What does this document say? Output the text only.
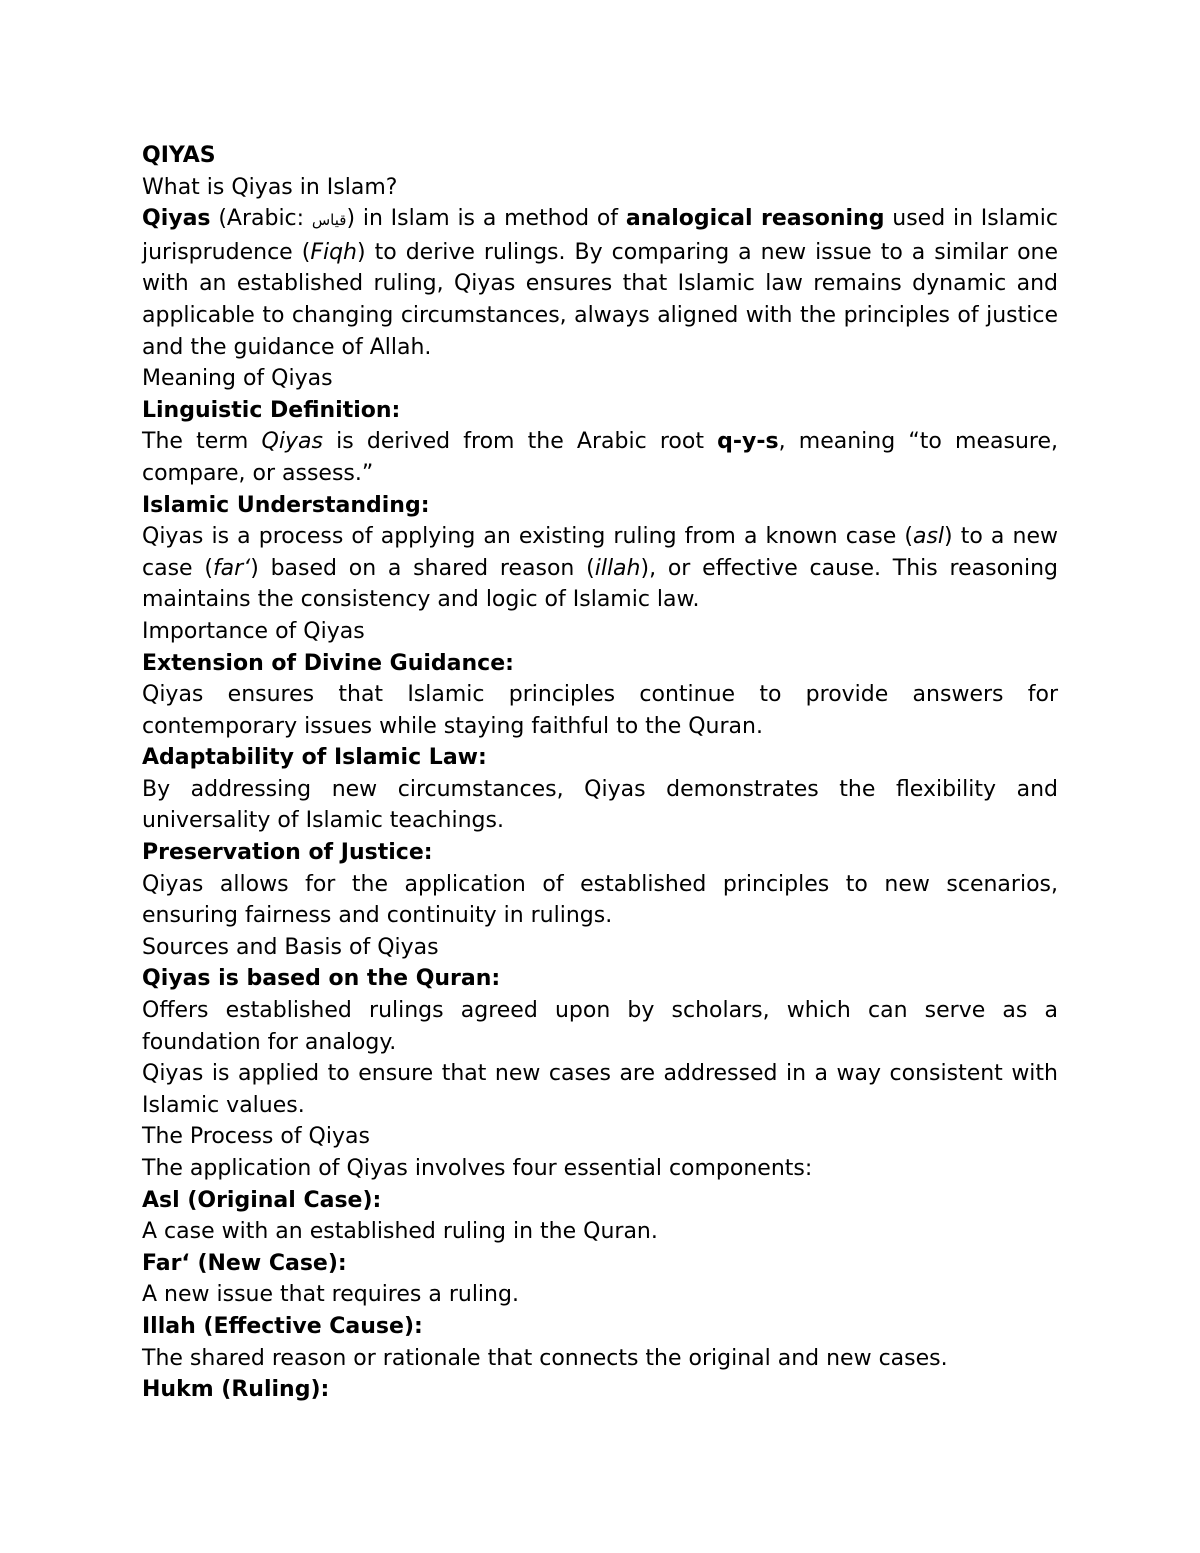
QIYAS

What is Qiyas in Islam?

Qiyas (Arabic: قياس) in Islam is a method of analogical reasoning used in Islamic jurisprudence (Fiqh) to derive rulings. By comparing a new issue to a similar one with an established ruling, Qiyas ensures that Islamic law remains dynamic and applicable to changing circumstances, always aligned with the principles of justice and the guidance of Allah.

Meaning of Qiyas

Linguistic Definition:

The term Qiyas is derived from the Arabic root q-y-s, meaning “to measure, compare, or assess.”

Islamic Understanding:

Qiyas is a process of applying an existing ruling from a known case (asl) to a new case (far‘) based on a shared reason (illah), or effective cause. This reasoning maintains the consistency and logic of Islamic law.

Importance of Qiyas

Extension of Divine Guidance:

Qiyas ensures that Islamic principles continue to provide answers for contemporary issues while staying faithful to the Quran.

Adaptability of Islamic Law:

By addressing new circumstances, Qiyas demonstrates the flexibility and universality of Islamic teachings.

Preservation of Justice:

Qiyas allows for the application of established principles to new scenarios, ensuring fairness and continuity in rulings.

Sources and Basis of Qiyas

Qiyas is based on the Quran:

Offers established rulings agreed upon by scholars, which can serve as a foundation for analogy.

Qiyas is applied to ensure that new cases are addressed in a way consistent with Islamic values.

The Process of Qiyas

The application of Qiyas involves four essential components:

Asl (Original Case):

A case with an established ruling in the Quran.

Far‘ (New Case):

A new issue that requires a ruling.

Illah (Effective Cause):

The shared reason or rationale that connects the original and new cases.

Hukm (Ruling):
